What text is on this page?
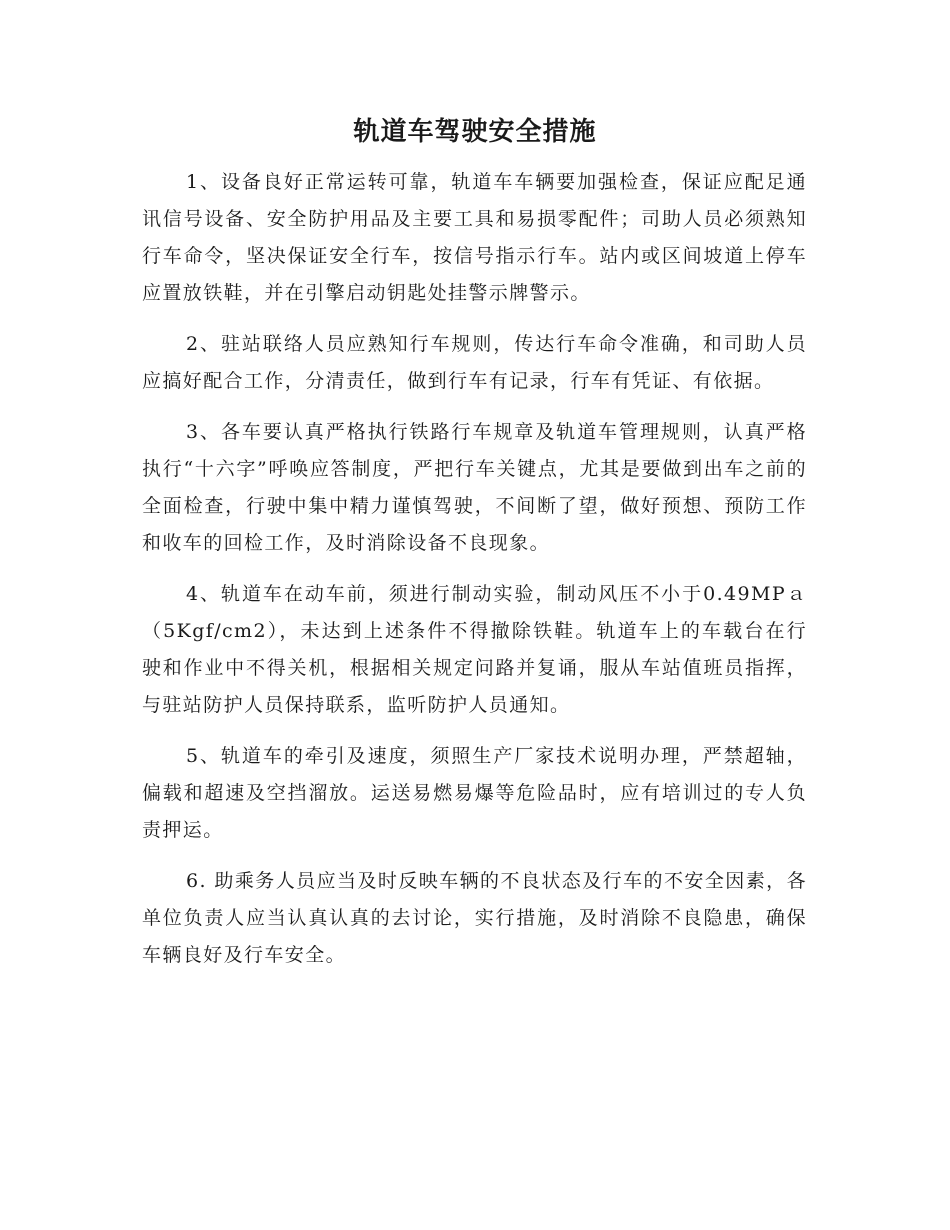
轨道车驾驶安全措施

1、设备良好正常运转可靠，轨道车车辆要加强检查，保证应配足通讯信号设备、安全防护用品及主要工具和易损零配件；司助人员必须熟知行车命令，坚决保证安全行车，按信号指示行车。站内或区间坡道上停车应置放铁鞋，并在引擎启动钥匙处挂警示牌警示。

2、驻站联络人员应熟知行车规则，传达行车命令准确，和司助人员应搞好配合工作，分清责任，做到行车有记录，行车有凭证、有依据。

3、各车要认真严格执行铁路行车规章及轨道车管理规则，认真严格执行“十六字”呼唤应答制度，严把行车关键点，尤其是要做到出车之前的全面检查，行驶中集中精力谨慎驾驶，不间断了望，做好预想、预防工作和收车的回检工作，及时消除设备不良现象。

4、轨道车在动车前，须进行制动实验，制动风压不小于0.49MPａ（5Kgf/cm2），未达到上述条件不得撤除铁鞋。轨道车上的车载台在行驶和作业中不得关机，根据相关规定问路并复诵，服从车站值班员指挥，与驻站防护人员保持联系，监听防护人员通知。

5、轨道车的牵引及速度，须照生产厂家技术说明办理，严禁超轴，偏载和超速及空挡溜放。运送易燃易爆等危险品时，应有培训过的专人负责押运。

6. 助乘务人员应当及时反映车辆的不良状态及行车的不安全因素，各单位负责人应当认真认真的去讨论，实行措施，及时消除不良隐患，确保车辆良好及行车安全。
